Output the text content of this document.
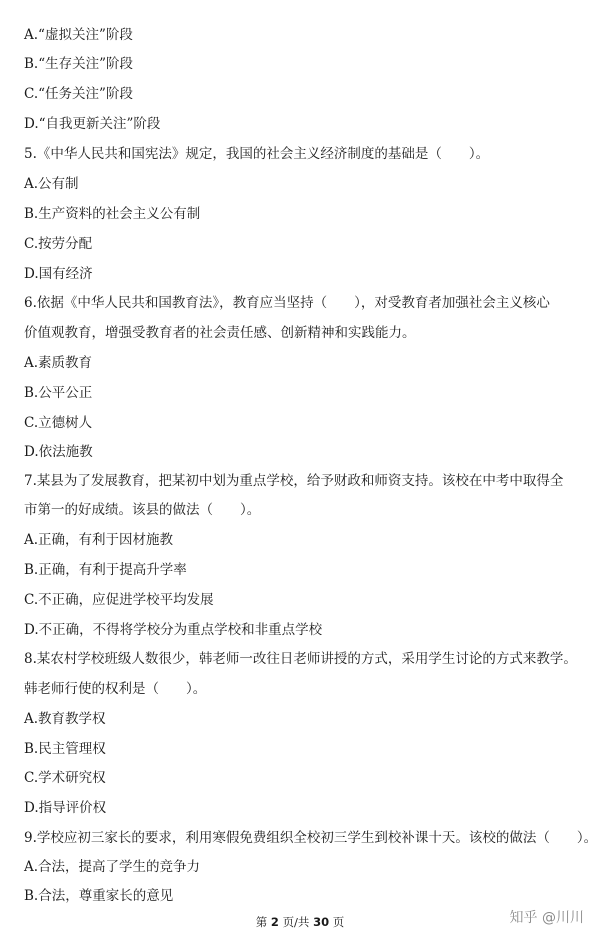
A.“虚拟关注”阶段
B.“生存关注”阶段
C.“任务关注”阶段
D.“自我更新关注”阶段
5.《中华人民共和国宪法》规定，我国的社会主义经济制度的基础是（　　）。
A.公有制
B.生产资料的社会主义公有制
C.按劳分配
D.国有经济
6.依据《中华人民共和国教育法》，教育应当坚持（　　），对受教育者加强社会主义核心
价值观教育，增强受教育者的社会责任感、创新精神和实践能力。
A.素质教育
B.公平公正
C.立德树人
D.依法施教
7.某县为了发展教育，把某初中划为重点学校，给予财政和师资支持。该校在中考中取得全
市第一的好成绩。该县的做法（　　）。
A.正确，有利于因材施教
B.正确，有利于提高升学率
C.不正确，应促进学校平均发展
D.不正确，不得将学校分为重点学校和非重点学校
8.某农村学校班级人数很少，韩老师一改往日老师讲授的方式，采用学生讨论的方式来教学。
韩老师行使的权利是（　　）。
A.教育教学权
B.民主管理权
C.学术研究权
D.指导评价权
9.学校应初三家长的要求，利用寒假免费组织全校初三学生到校补课十天。该校的做法（　　）。
A.合法，提高了学生的竞争力
B.合法，尊重家长的意见
第 2 页/共 30 页	知乎 @川川
